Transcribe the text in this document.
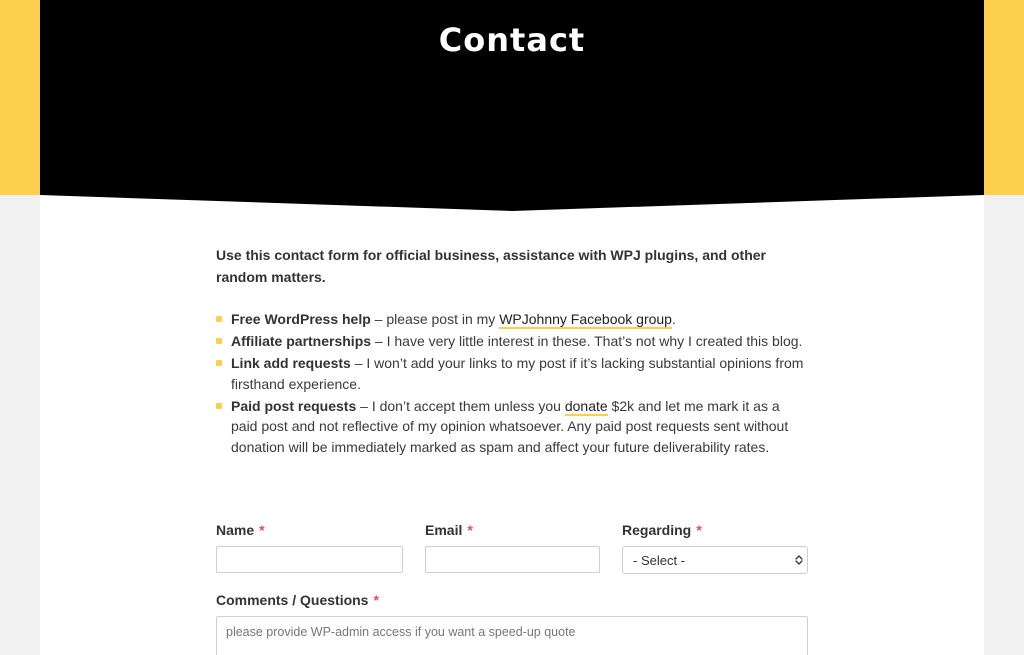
Contact

Use this contact form for official business, assistance with WPJ plugins, and other random matters.

Free WordPress help – please post in my WPJohnny Facebook group.
Affiliate partnerships – I have very little interest in these. That’s not why I created this blog.
Link add requests – I won’t add your links to my post if it’s lacking substantial opinions from firsthand experience.
Paid post requests – I don’t accept them unless you donate $2k and let me mark it as a paid post and not reflective of my opinion whatsoever. Any paid post requests sent without donation will be immediately marked as spam and affect your future deliverability rates.
Name *	Email *	Regarding *
- Select -
Comments / Questions *
please provide WP-admin access if you want a speed-up quote
